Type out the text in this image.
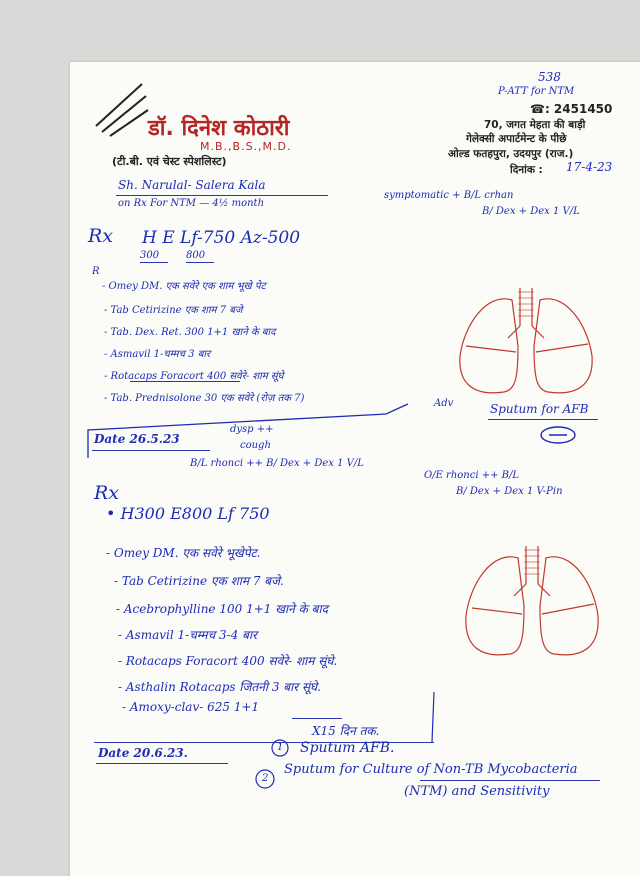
डॉ. दिनेश कोठारी
M.B.,B.S.,M.D.
(टी.बी. एवं चेस्ट स्पेशलिस्ट)
538
P-ATT for NTM
☎: 2451450
70, जगत मेहता की बाड़ी
गेलेक्सी अपार्टमेन्ट के पीछे
ओल्ड फतहपुरा, उदयपुर (राज.)
दिनांक : 17-4-23
Sh. Narulal- Salera Kala
on Rx For NTM — 4½ month
symptomatic + B/L crhan
B/ Dex + Dex 1 V/L
Rx H E Lf-750 Az-500
300	800
R
- Omey DM. एक सवेरे एक शाम भूखे पेट
- Tab Cetirizine एक शाम 7 बजे
- Tab. Dex. Ret. 300 1+1 खाने के बाद
- Asmavil 1-चम्मच 3 बार
- Rotacaps Foracort 400 सवेरे- शाम सूंघे
- Tab. Prednisolone 30 एक सवेरे (रोज़ तक 7)	Adv	Sputum for AFB
Date 26.5.23
dysp ++
cough
B/L rhonci ++ B/ Dex + Dex 1 V/L
O/E rhonci ++ B/L
B/ Dex + Dex 1 V-Pin
Rx
• H300 E800 Lf 750
- Omey DM. एक सवेरे भूखेपेट.
- Tab Cetirizine एक शाम 7 बजे.
- Acebrophylline 100 1+1 खाने के बाद
- Asmavil 1-चम्मच 3-4 बार
- Rotacaps Foracort 400 सवेरे- शाम सूंघे.
- Asthalin Rotacaps जितनी 3 बार सूंघे.
- Amoxy-clav- 625 1+1
X15 दिन तक.
Date 20.6.23.	1 Sputum AFB.
2
Sputum for Culture of Non-TB Mycobacteria
(NTM) and Sensitivity
